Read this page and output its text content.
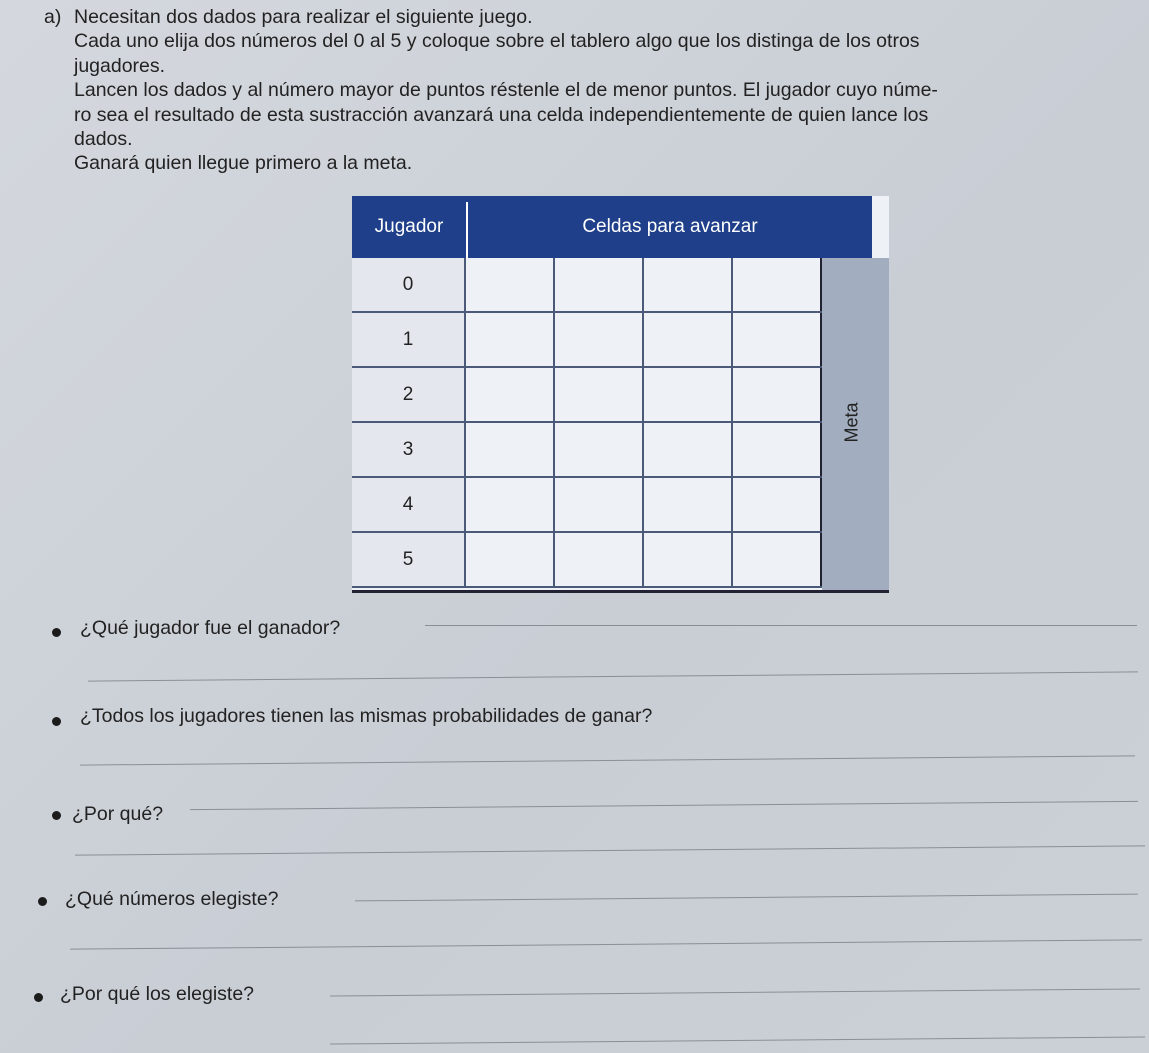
a) Necesitan dos dados para realizar el siguiente juego.

Cada uno elija dos números del 0 al 5 y coloque sobre el tablero algo que los distinga de los otros

jugadores.

Lancen los dados y al número mayor de puntos réstenle el de menor puntos. El jugador cuyo núme-

ro sea el resultado de esta sustracción avanzará una celda independientemente de quien lance los

dados.

Ganará quien llegue primero a la meta.

Jugador	Celdas para avanzar
Meta
0				
1				
2				
3				
4				
5				
¿Qué jugador fue el ganador?
¿Todos los jugadores tienen las mismas probabilidades de ganar?
¿Por qué?
¿Qué números elegiste?
¿Por qué los elegiste?
